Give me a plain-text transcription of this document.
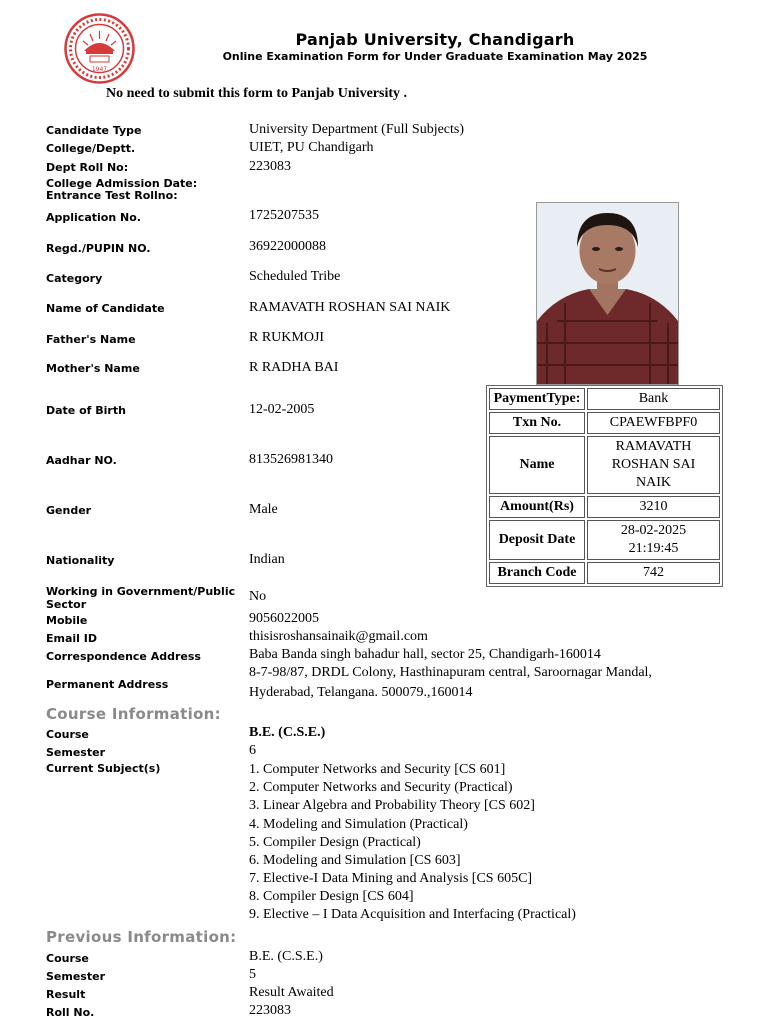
1947
Panjab University, Chandigarh
Online Examination Form for Under Graduate Examination May 2025
No need to submit this form to Panjab University .
Candidate Type	University Department (Full Subjects)
College/Deptt.	UIET, PU Chandigarh
Dept Roll No:	223083
College Admission Date:
Entrance Test Rollno:
Application No.	1725207535
Regd./PUPIN NO.	36922000088
Category	Scheduled Tribe
Name of Candidate	RAMAVATH ROSHAN SAI NAIK
Father's Name	R RUKMOJI
Mother's Name	R RADHA BAI
Date of Birth	12-02-2005
Aadhar NO.	813526981340
Gender	Male
Nationality	Indian
Working in Government/Public Sector
No
Mobile	9056022005
Email ID	thisisroshansainaik@gmail.com
Correspondence Address	Baba Banda singh bahadur hall, sector 25, Chandigarh-160014
Permanent Address
8-7-98/87, DRDL Colony, Hasthinapuram central, Saroornagar Mandal,
Hyderabad, Telangana. 500079.,160014
PaymentType:	Bank
Txn No.	CPAEWFBPF0
Name	RAMAVATH
ROSHAN SAI
NAIK

Amount(Rs)	3210
Deposit Date	28-02-2025
21:19:45

Branch Code	742
Course Information:
Course	B.E. (C.S.E.)
Semester	6
Current Subject(s)	1. Computer Networks and Security [CS 601]
2. Computer Networks and Security (Practical)
3. Linear Algebra and Probability Theory [CS 602]
4. Modeling and Simulation (Practical)
5. Compiler Design (Practical)
6. Modeling and Simulation [CS 603]
7. Elective-I Data Mining and Analysis [CS 605C]
8. Compiler Design [CS 604]
9. Elective – I Data Acquisition and Interfacing (Practical)
Previous Information:
Course	B.E. (C.S.E.)
Semester	5
Result	Result Awaited
Roll No.	223083
